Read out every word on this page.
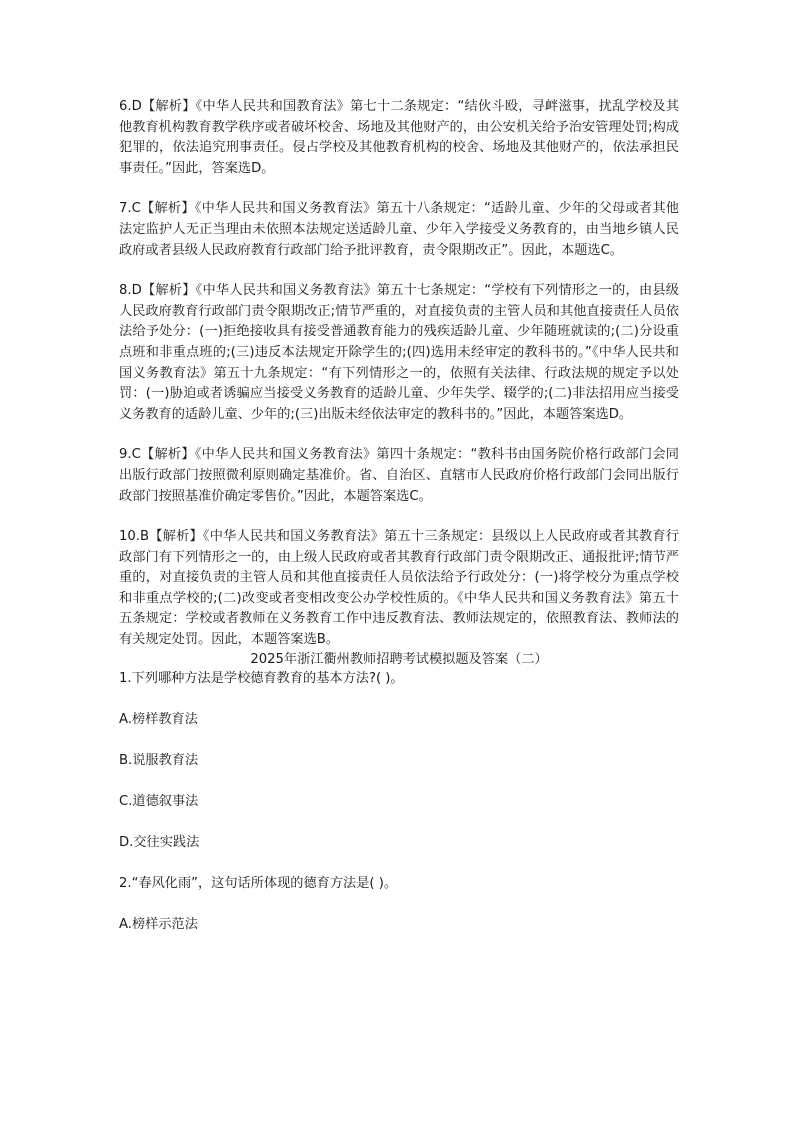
6.D【解析】《中华人民共和国教育法》第七十二条规定：“结伙斗殴，寻衅滋事，扰乱学校及其他教育机构教育教学秩序或者破坏校舍、场地及其他财产的，由公安机关给予治安管理处罚;构成犯罪的，依法追究刑事责任。侵占学校及其他教育机构的校舍、场地及其他财产的，依法承担民事责任。”因此，答案选D。

7.C【解析】《中华人民共和国义务教育法》第五十八条规定：“适龄儿童、少年的父母或者其他法定监护人无正当理由未依照本法规定送适龄儿童、少年入学接受义务教育的，由当地乡镇人民政府或者县级人民政府教育行政部门给予批评教育，责令限期改正”。因此，本题选C。

8.D【解析】《中华人民共和国义务教育法》第五十七条规定：“学校有下列情形之一的，由县级人民政府教育行政部门责令限期改正;情节严重的，对直接负责的主管人员和其他直接责任人员依法给予处分：(一)拒绝接收具有接受普通教育能力的残疾适龄儿童、少年随班就读的;(二)分设重点班和非重点班的;(三)违反本法规定开除学生的;(四)选用未经审定的教科书的。”《中华人民共和国义务教育法》第五十九条规定：“有下列情形之一的，依照有关法律、行政法规的规定予以处罚：(一)胁迫或者诱骗应当接受义务教育的适龄儿童、少年失学、辍学的;(二)非法招用应当接受义务教育的适龄儿童、少年的;(三)出版未经依法审定的教科书的。”因此，本题答案选D。

9.C【解析】《中华人民共和国义务教育法》第四十条规定：“教科书由国务院价格行政部门会同出版行政部门按照微利原则确定基准价。省、自治区、直辖市人民政府价格行政部门会同出版行政部门按照基准价确定零售价。”因此，本题答案选C。

10.B【解析】《中华人民共和国义务教育法》第五十三条规定：县级以上人民政府或者其教育行政部门有下列情形之一的，由上级人民政府或者其教育行政部门责令限期改正、通报批评;情节严重的，对直接负责的主管人员和其他直接责任人员依法给予行政处分：(一)将学校分为重点学校和非重点学校的;(二)改变或者变相改变公办学校性质的。《中华人民共和国义务教育法》第五十五条规定：学校或者教师在义务教育工作中违反教育法、教师法规定的，依照教育法、教师法的有关规定处罚。因此，本题答案选B。

2025年浙江衢州教师招聘考试模拟题及答案（二）

1.下列哪种方法是学校德育教育的基本方法?( )。

A.榜样教育法

B.说服教育法

C.道德叙事法

D.交往实践法

2.“春风化雨”，这句话所体现的德育方法是( )。

A.榜样示范法
